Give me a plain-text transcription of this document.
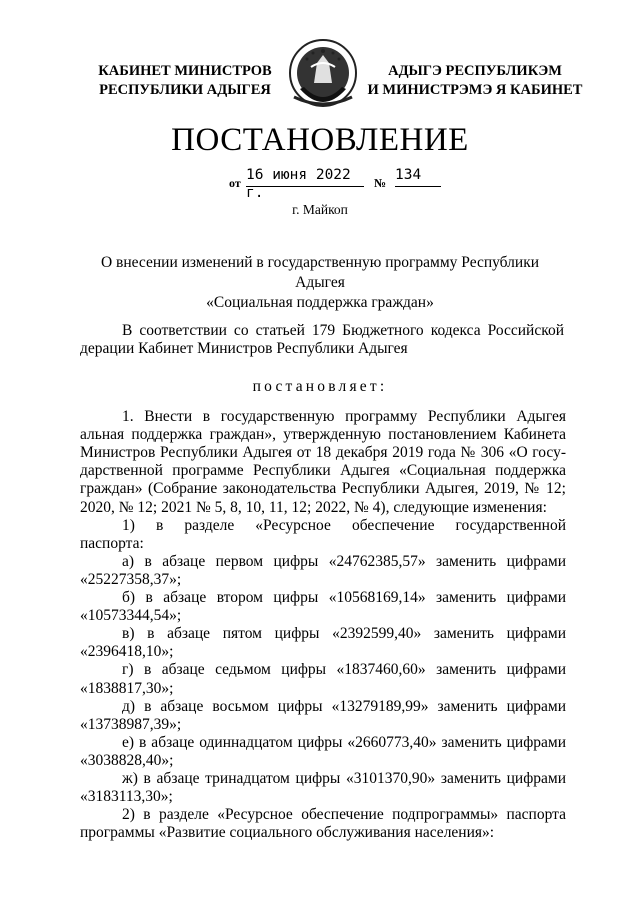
КАБИНЕТ МИНИСТРОВ
РЕСПУБЛИКИ АДЫГЕЯ
АДЫГЭ РЕСПУБЛИКЭМ
И МИНИСТРЭМЭ Я КАБИНЕТ
ПОСТАНОВЛЕНИЕ
от 16 июня 2022 г.
№ 134
г. Майкоп
О внесении изменений в государственную программу Республики Адыгея
«Социальная поддержка граждан»
В соответствии со статьей 179 Бюджетного кодекса Российской
дерации Кабинет Министров Республики Адыгея
постановляет:
1. Внести в государственную программу Республики Адыгея
альная поддержка граждан», утвержденную постановлением Кабинета
Министров Республики Адыгея от 18 декабря 2019 года № 306 «О госу-
дарственной программе Республики Адыгея «Социальная поддержка
граждан» (Собрание законодательства Республики Адыгея, 2019, № 12;
2020, № 12; 2021 № 5, 8, 10, 11, 12; 2022, № 4), следующие изменения:
1) в разделе «Ресурсное обеспечение государственной
паспорта:
а) в абзаце первом цифры «24762385,57» заменить цифрами
«25227358,37»;
б) в абзаце втором цифры «10568169,14» заменить цифрами
«10573344,54»;
в) в абзаце пятом цифры «2392599,40» заменить цифрами
«2396418,10»;
г) в абзаце седьмом цифры «1837460,60» заменить цифрами
«1838817,30»;
д) в абзаце восьмом цифры «13279189,99» заменить цифрами
«13738987,39»;
е) в абзаце одиннадцатом цифры «2660773,40» заменить цифрами
«3038828,40»;
ж) в абзаце тринадцатом цифры «3101370,90» заменить цифрами
«3183113,30»;
2) в разделе «Ресурсное обеспечение подпрограммы» паспорта
программы «Развитие социального обслуживания населения»:
